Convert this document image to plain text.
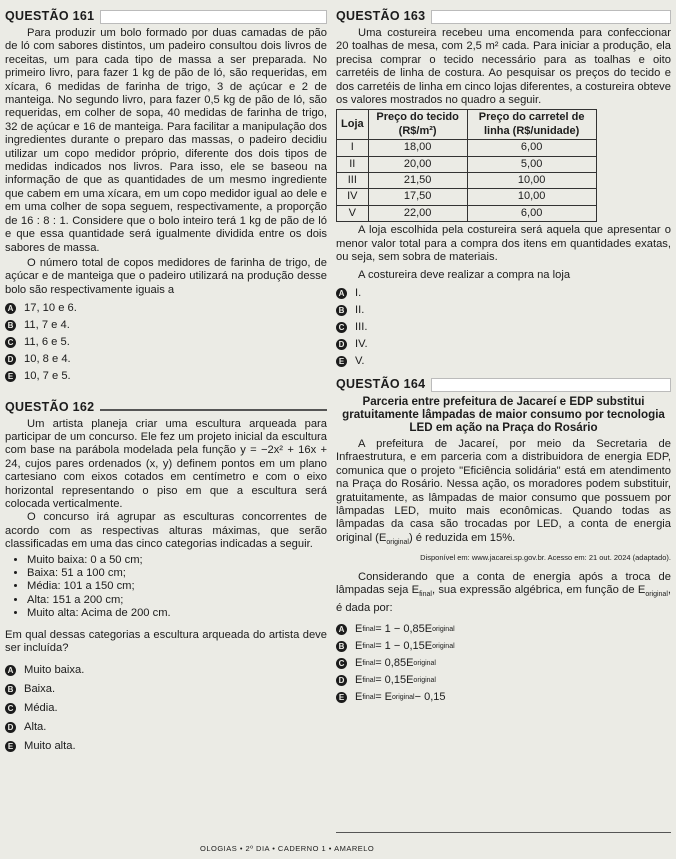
QUESTÃO 161

Para produzir um bolo formado por duas camadas de pão de ló com sabores distintos, um padeiro consultou dois livros de receitas, um para cada tipo de massa a ser preparada. No primeiro livro, para fazer 1 kg de pão de ló, são requeridas, em xícara, 6 medidas de farinha de trigo, 3 de açúcar e 2 de manteiga. No segundo livro, para fazer 0,5 kg de pão de ló, são requeridas, em colher de sopa, 40 medidas de farinha de trigo, 32 de açúcar e 16 de manteiga. Para facilitar a manipulação dos ingredientes durante o preparo das massas, o padeiro decidiu utilizar um copo medidor próprio, diferente dos dois tipos de medidas indicados nos livros. Para isso, ele se baseou na informação de que as quantidades de um mesmo ingrediente que cabem em uma xícara, em um copo medidor igual ao dele e em uma colher de sopa seguem, respectivamente, a proporção de 16 : 8 : 1. Considere que o bolo inteiro terá 1 kg de pão de ló e que essa quantidade será igualmente dividida entre os dois sabores de massa.

O número total de copos medidores de farinha de trigo, de açúcar e de manteiga que o padeiro utilizará na produção desse bolo são respectivamente iguais a

A 17, 10 e 6.
B 11, 7 e 4.
C 11, 6 e 5.
D 10, 8 e 4.
E 10, 7 e 5.
QUESTÃO 162

Um artista planeja criar uma escultura arqueada para participar de um concurso. Ele fez um projeto inicial da escultura com base na parábola modelada pela função y = −2x² + 16x + 24, cujos pares ordenados (x, y) definem pontos em um plano cartesiano com eixos cotados em centímetro e com o eixo horizontal representando o piso em que a escultura será colocada verticalmente.

O concurso irá agrupar as esculturas concorrentes de acordo com as respectivas alturas máximas, que serão classificadas em uma das cinco categorias indicadas a seguir.

• Muito baixa: 0 a 50 cm;
• Baixa: 51 a 100 cm;
• Média: 101 a 150 cm;
• Alta: 151 a 200 cm;
• Muito alta: Acima de 200 cm.

Em qual dessas categorias a escultura arqueada do artista deve ser incluída?

A Muito baixa.
B Baixa.
C Média.
D Alta.
E Muito alta.
QUESTÃO 163

Uma costureira recebeu uma encomenda para confeccionar 20 toalhas de mesa, com 2,5 m² cada. Para iniciar a produção, ela precisa comprar o tecido necessário para as toalhas e oito carretéis de linha de costura. Ao pesquisar os preços do tecido e dos carretéis de linha em cinco lojas diferentes, a costureira obteve os valores mostrados no quadro a seguir.

Loja	Preço do tecido (R$/m²)	Preço do carretel de linha (R$/unidade)
I	18,00	6,00
II	20,00	5,00
III	21,50	10,00
IV	17,50	10,00
V	22,00	6,00

A loja escolhida pela costureira será aquela que apresentar o menor valor total para a compra dos itens em quantidades exatas, ou seja, sem sobra de materiais.

A costureira deve realizar a compra na loja

A I.
B II.
C III.
D IV.
E V.
QUESTÃO 164
Parceria entre prefeitura de Jacareí e EDP substitui gratuitamente lâmpadas de maior consumo por tecnologia LED em ação na Praça do Rosário

A prefeitura de Jacareí, por meio da Secretaria de Infraestrutura, e em parceria com a distribuidora de energia EDP, comunica que o projeto "Eficiência solidária" está em atendimento na Praça do Rosário. Nessa ação, os moradores podem substituir, gratuitamente, as lâmpadas de maior consumo que possuem por lâmpadas LED, muito mais econômicas. Quando todas as lâmpadas da casa são trocadas por LED, a conta de energia original $(E_{original})$ é reduzida em 15%.

Disponível em: www.jacarei.sp.gov.br. Acesso em: 21 out. 2024 (adaptado).

Considerando que a conta de energia após a troca de lâmpadas seja $E_{final}$, sua expressão algébrica, em função de $E_{original}$, é dada por:

A E final = 1 − 0,85E original
B E final = 1 − 0,15E original
C E final = 0,85E original
D E final = 0,15E original
E E final = E original − 0,15
OLOGIAS • 2º DIA • CADERNO 1 • AMARELO
